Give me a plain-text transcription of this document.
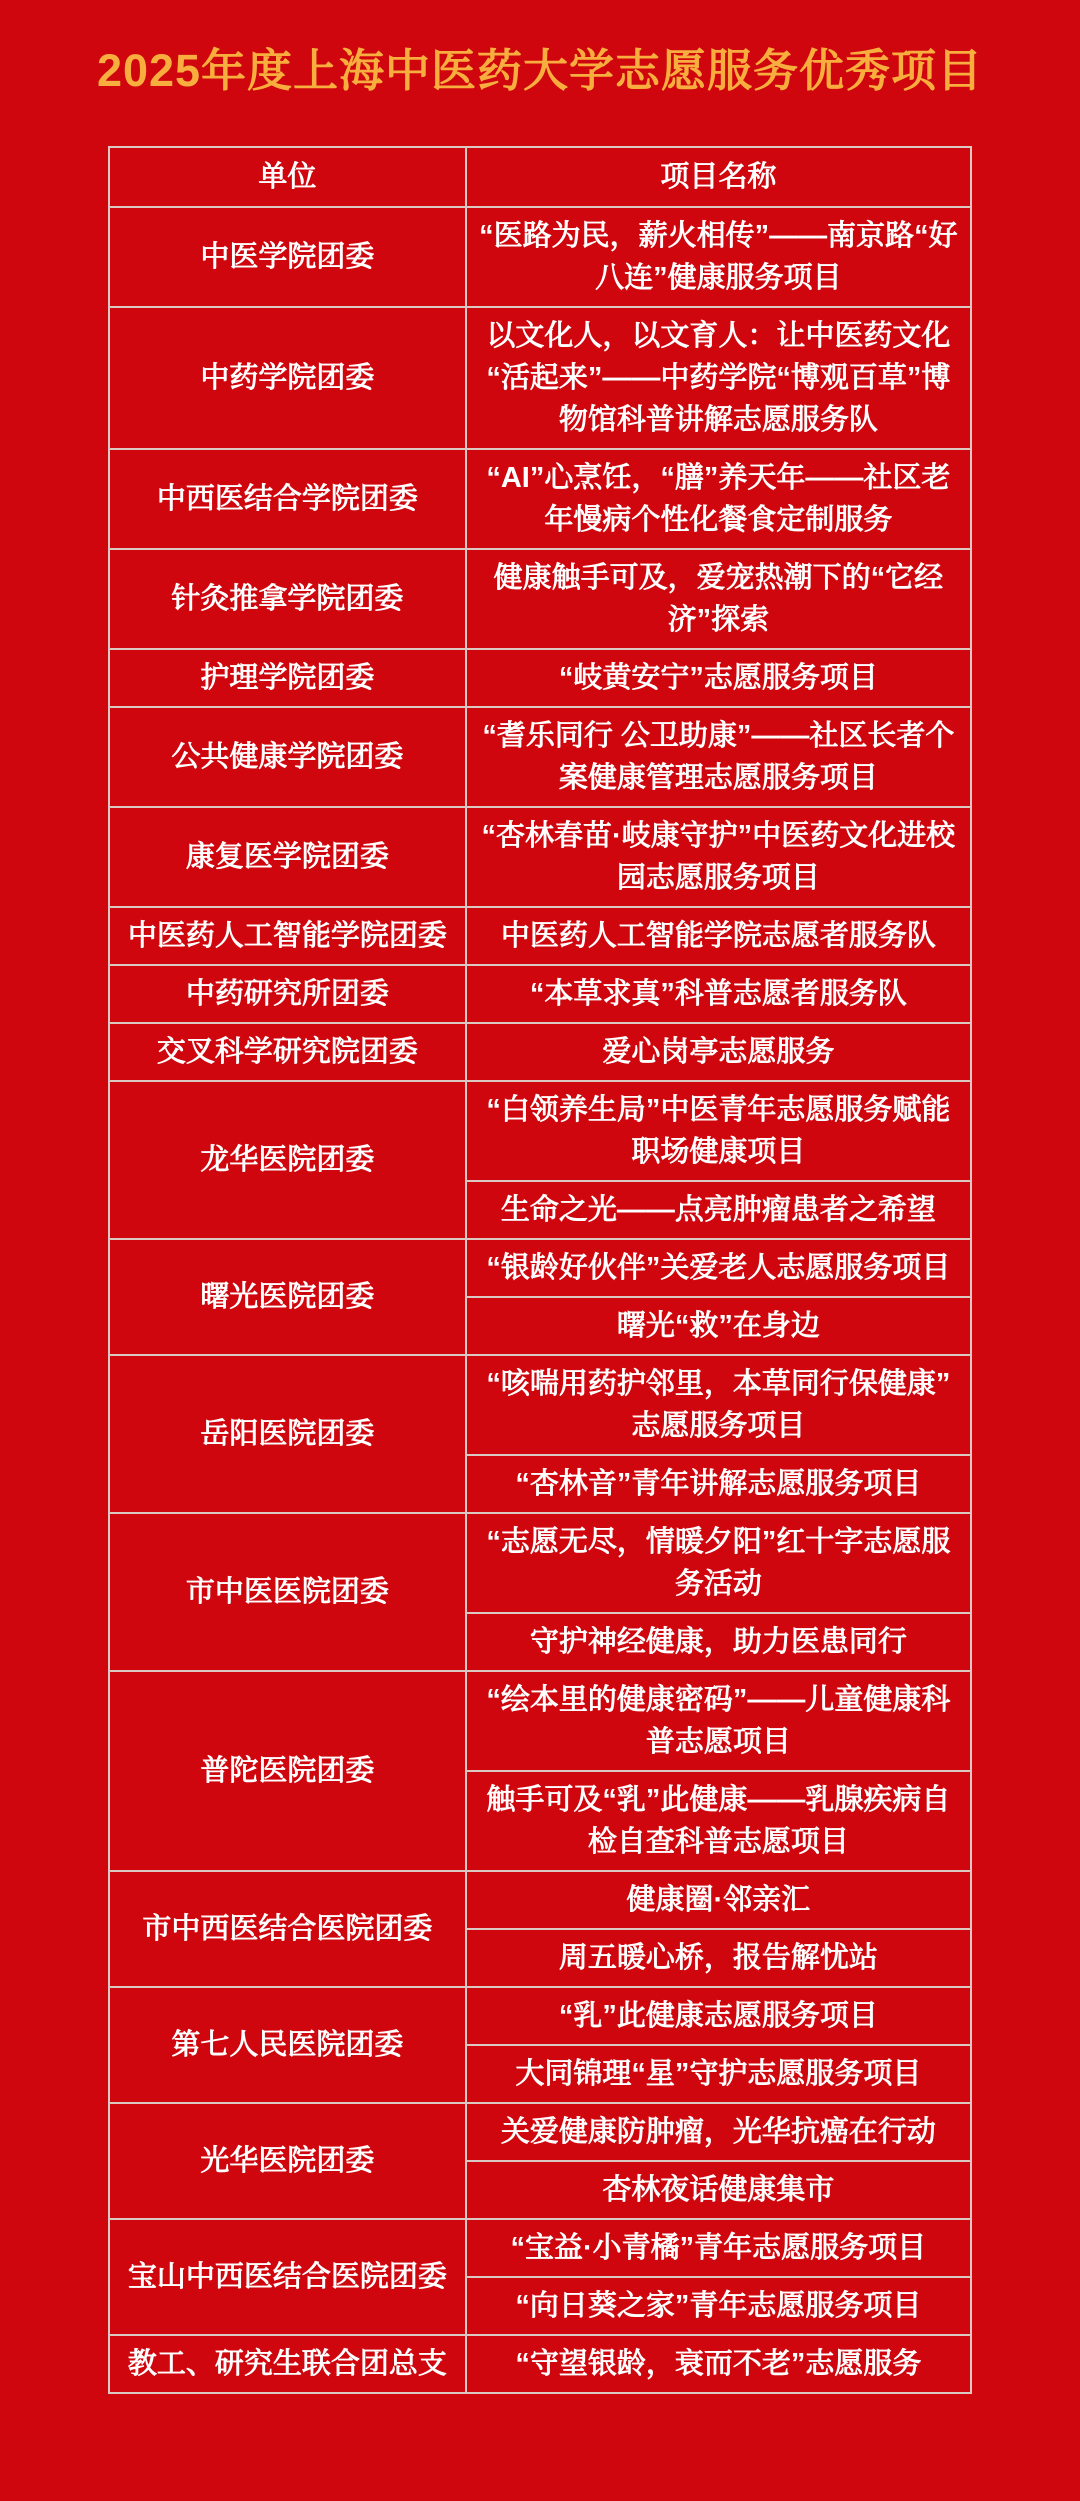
2025年度上海中医药大学志愿服务优秀项目
单位	项目名称
中医学院团委	“医路为民，薪火相传”——南京路“好八连”健康服务项目
中药学院团委	以文化人，以文育人：让中医药文化“活起来”——中药学院“博观百草”博物馆科普讲解志愿服务队
中西医结合学院团委	“AI”心烹饪，“膳”养天年——社区老年慢病个性化餐食定制服务
针灸推拿学院团委	健康触手可及，爱宠热潮下的“它经济”探索
护理学院团委	“岐黄安宁”志愿服务项目
公共健康学院团委	“耆乐同行 公卫助康”——社区长者个案健康管理志愿服务项目
康复医学院团委	“杏林春苗·岐康守护”中医药文化进校园志愿服务项目
中医药人工智能学院团委	中医药人工智能学院志愿者服务队
中药研究所团委	“本草求真”科普志愿者服务队
交叉科学研究院团委	爱心岗亭志愿服务
龙华医院团委	“白领养生局”中医青年志愿服务赋能职场健康项目
	生命之光——点亮肿瘤患者之希望
曙光医院团委	“银龄好伙伴”关爱老人志愿服务项目
	曙光“救”在身边
岳阳医院团委	“咳喘用药护邻里，本草同行保健康”志愿服务项目
	“杏林音”青年讲解志愿服务项目
市中医医院团委	“志愿无尽，情暖夕阳”红十字志愿服务活动
	守护神经健康，助力医患同行
普陀医院团委	“绘本里的健康密码”——儿童健康科普志愿项目
	触手可及“乳”此健康——乳腺疾病自检自查科普志愿项目
市中西医结合医院团委	健康圈·邻亲汇
	周五暖心桥，报告解忧站
第七人民医院团委	“乳”此健康志愿服务项目
	大同锦理“星”守护志愿服务项目
光华医院团委	关爱健康防肿瘤，光华抗癌在行动
	杏林夜话健康集市
宝山中西医结合医院团委	“宝益·小青橘”青年志愿服务项目
	“向日葵之家”青年志愿服务项目
教工、研究生联合团总支	“守望银龄，衰而不老”志愿服务
